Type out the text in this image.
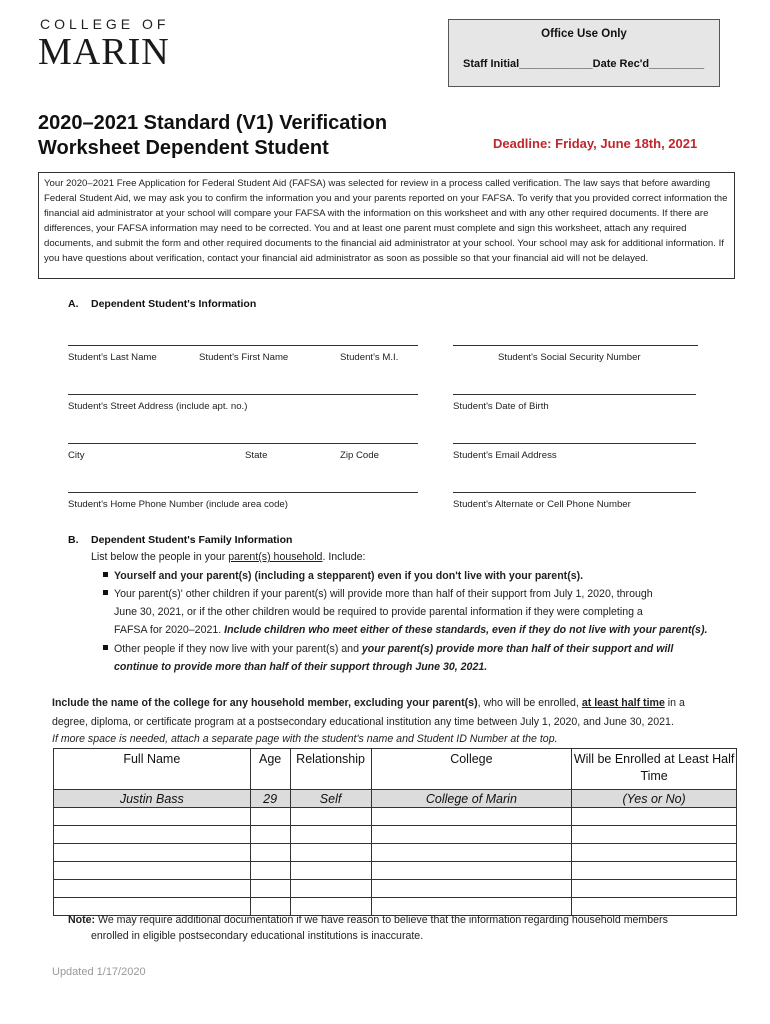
COLLEGE OF
MARIN	Office Use Only
Staff Initial____________Date Rec'd_________
2020–2021 Standard (V1) Verification
Worksheet Dependent Student	Deadline: Friday, June 18th, 2021

Your 2020–2021 Free Application for Federal Student Aid (FAFSA) was selected for review in a process called verification. The law says that before awarding Federal Student Aid, we may ask you to confirm the information you and your parents reported on your FAFSA. To verify that you provided correct information the financial aid administrator at your school will compare your FAFSA with the information on this worksheet and with any other required documents. If there are differences, your FAFSA information may need to be corrected. You and at least one parent must complete and sign this worksheet, attach any required documents, and submit the form and other required documents to the financial aid administrator at your school. Your school may ask for additional information. If you have questions about verification, contact your financial aid administrator as soon as possible so that your financial aid will not be delayed.

A. Dependent Student's Information
Student's Last Name	Student's First Name	Student's M.I.	Student's Social Security Number
Student's Street Address (include apt. no.)	Student's Date of Birth
City	State	Zip Code	Student's Email Address
Student's Home Phone Number (include area code)	Student's Alternate or Cell Phone Number
B. Dependent Student's Family Information
List below the people in your parent(s) household. Include:
Yourself and your parent(s) (including a stepparent) even if you don't live with your parent(s).
Your parent(s)' other children if your parent(s) will provide more than half of their support from July 1, 2020, through
June 30, 2021, or if the other children would be required to provide parental information if they were completing a
FAFSA for 2020–2021. Include children who meet either of these standards, even if they do not live with your parent(s).
Other people if they now live with your parent(s) and your parent(s) provide more than half of their support and will
continue to provide more than half of their support through June 30, 2021.
Include the name of the college for any household member, excluding your parent(s), who will be enrolled, at least half time in a
degree, diploma, or certificate program at a postsecondary educational institution any time between July 1, 2020, and June 30, 2021.
If more space is needed, attach a separate page with the student's name and Student ID Number at the top.
Full Name	Age	Relationship	College	Will be Enrolled at Least Half Time
Justin Bass	29	Self	College of Marin	(Yes or No)

Note: We may require additional documentation if we have reason to believe that the information regarding household members
enrolled in eligible postsecondary educational institutions is inaccurate.
Updated 1/17/2020
